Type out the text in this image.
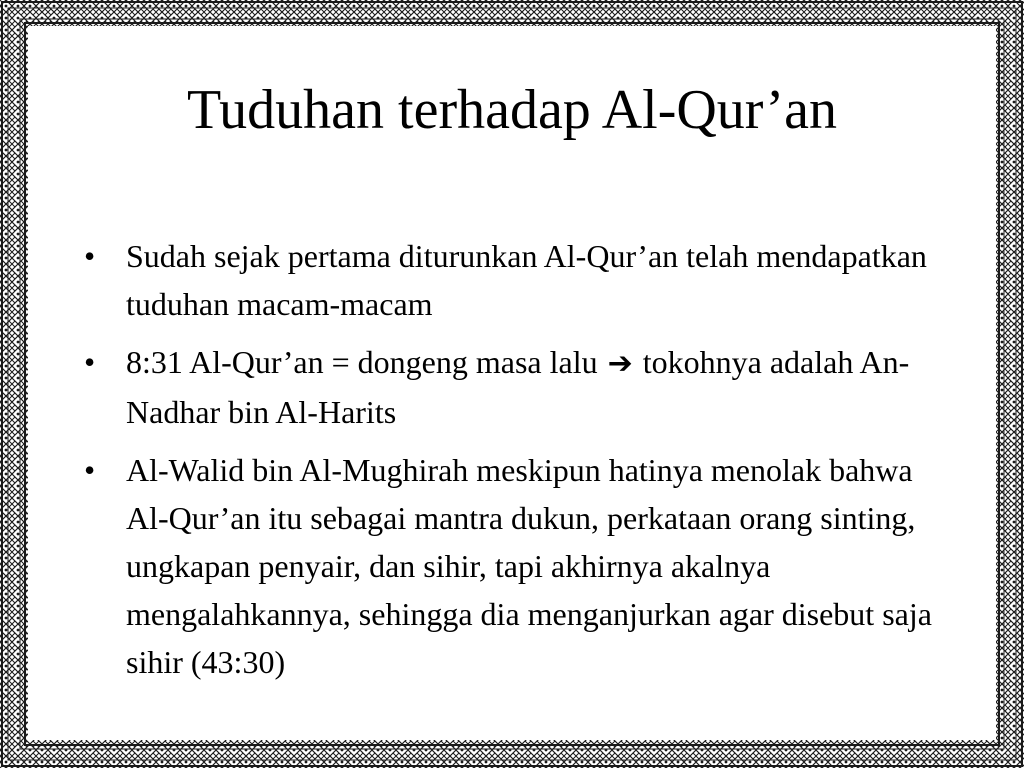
Tuduhan terhadap Al-Qur’an
• Sudah sejak pertama diturunkan Al-Qur’an telah mendapatkan tuduhan macam-macam
• 8:31 Al-Qur’an = dongeng masa lalu ➔ tokohnya adalah An-Nadhar bin Al-Harits
• Al-Walid bin Al-Mughirah meskipun hatinya menolak bahwa Al-Qur’an itu sebagai mantra dukun, perkataan orang sinting, ungkapan penyair, dan sihir, tapi akhirnya akalnya mengalahkannya, sehingga dia menganjurkan agar disebut saja sihir (43:30)
